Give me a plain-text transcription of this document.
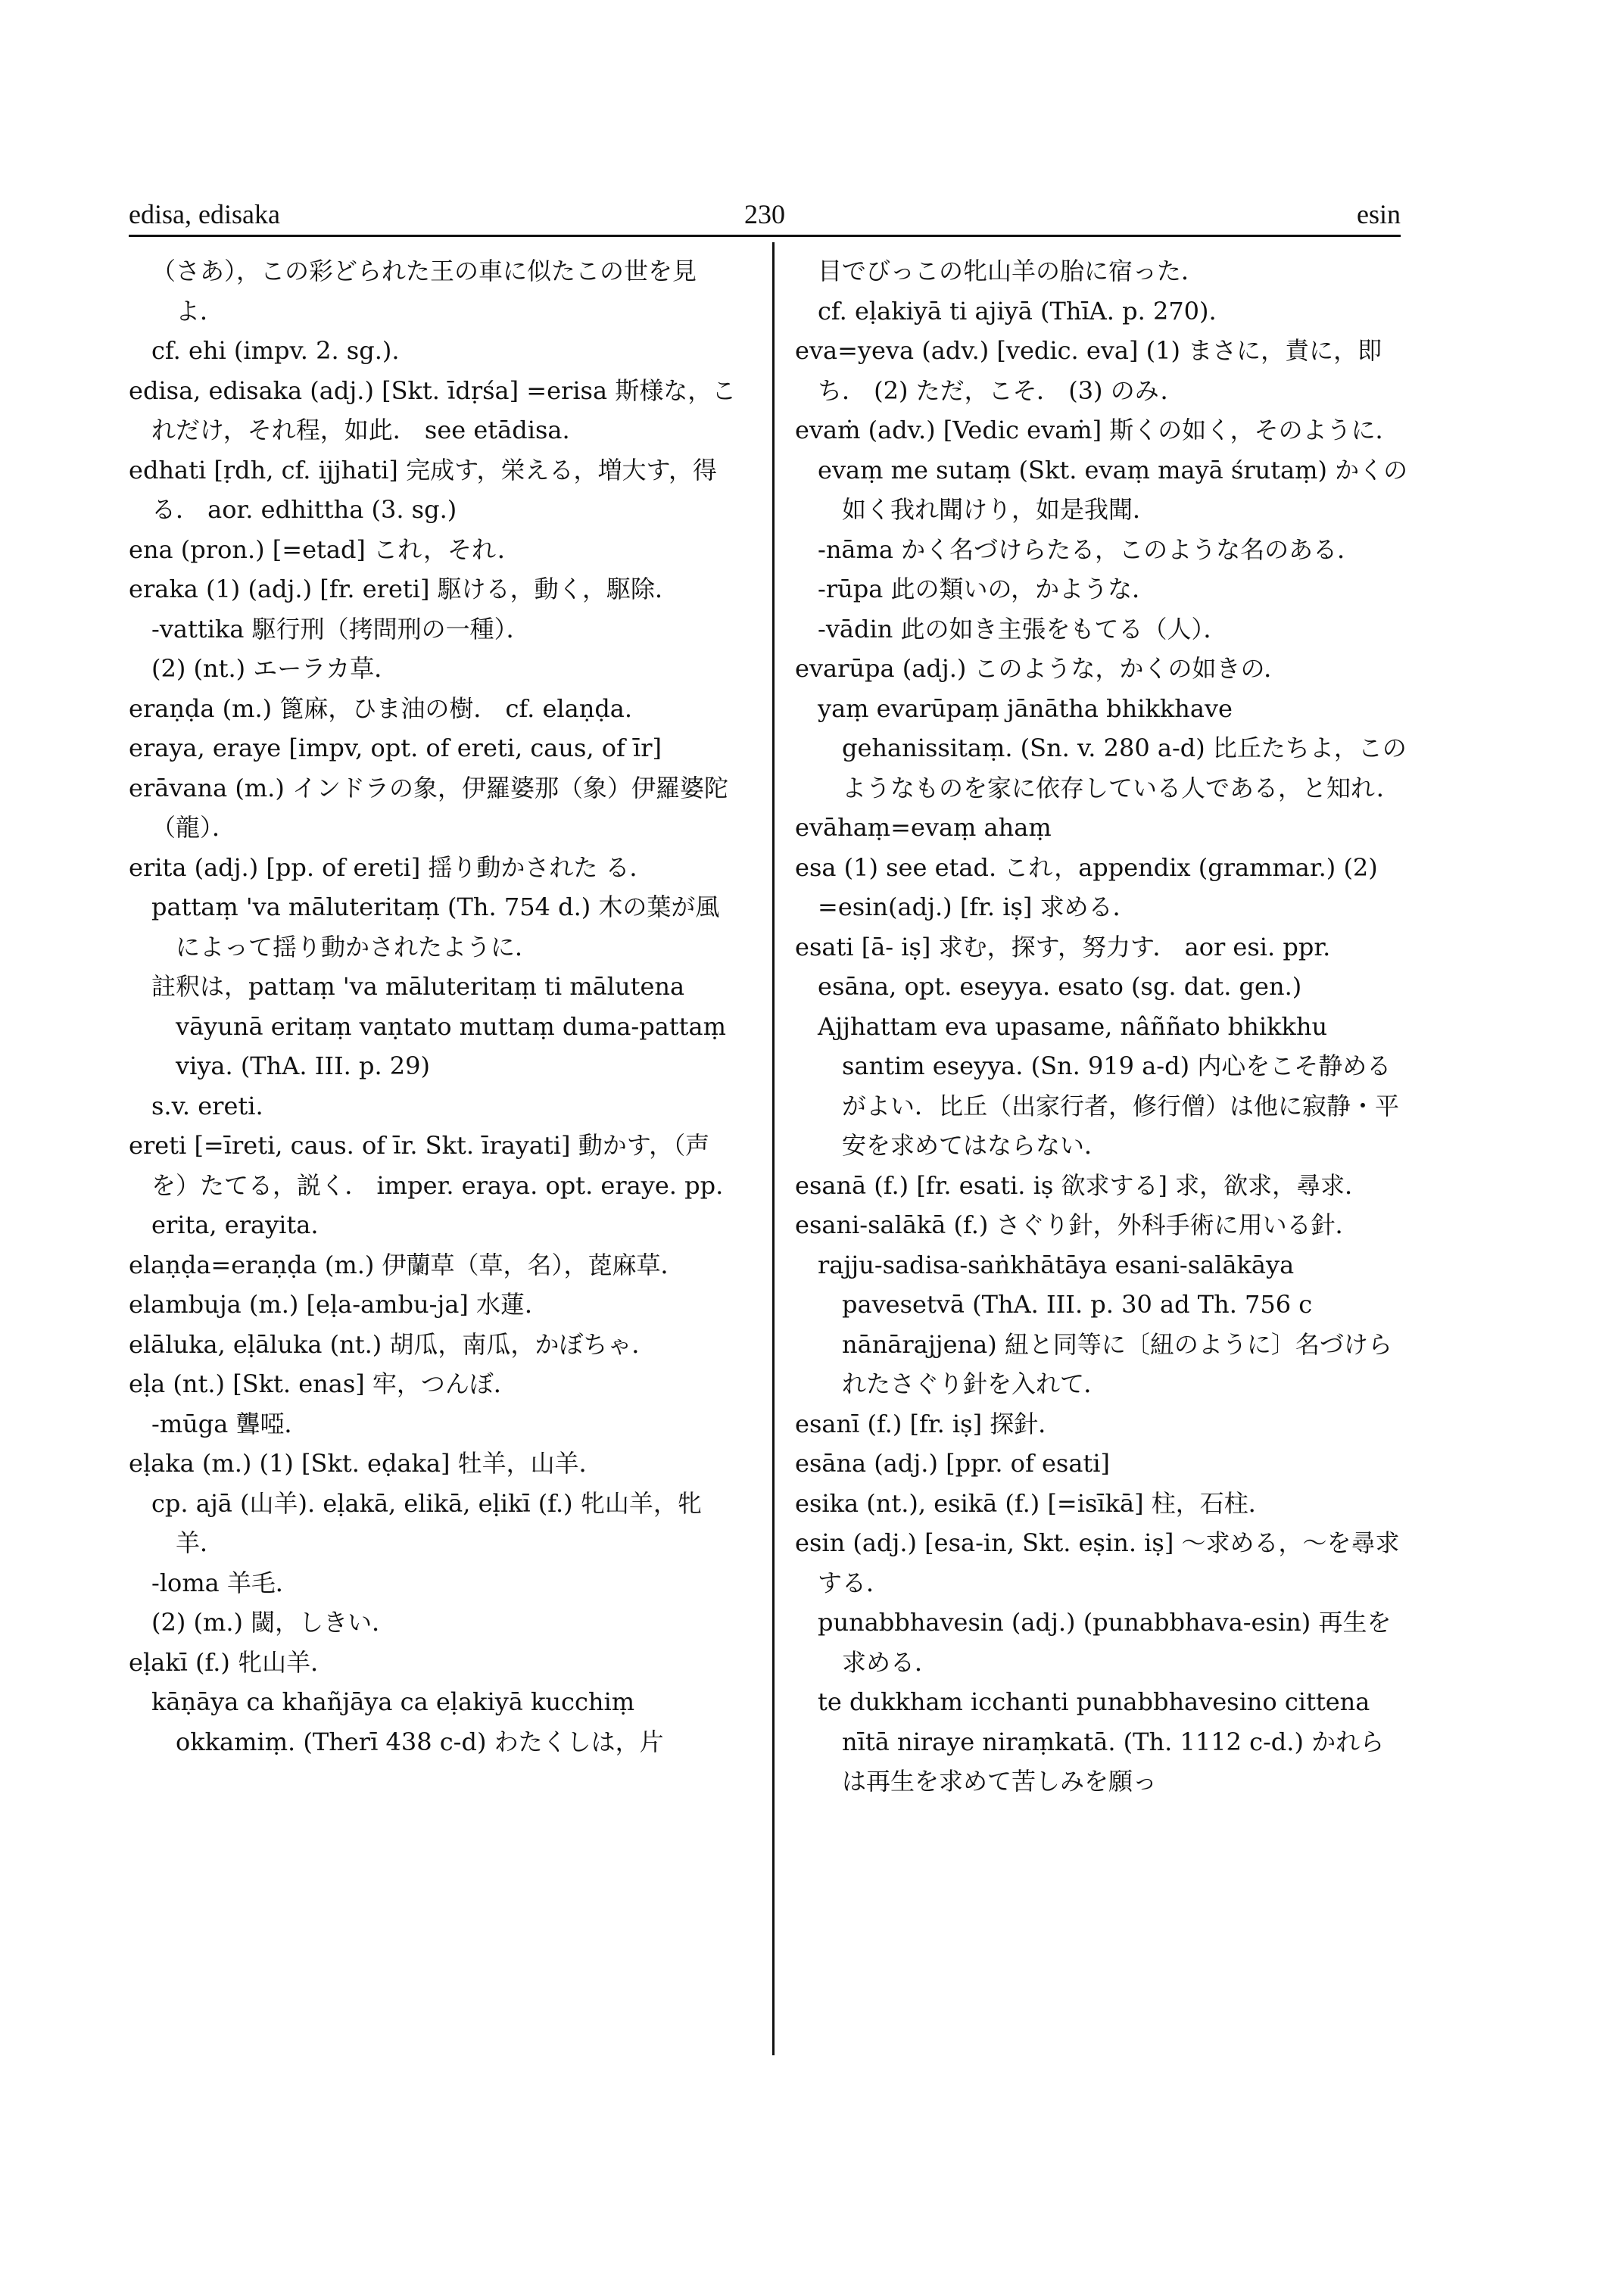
edisa, edisaka	230	esin

（さあ），この彩どられた王の車に似たこの世を見よ．

cf. ehi (impv. 2. sg.).

edisa, edisaka (adj.) [Skt. īdṛśa] =erisa 斯様な，これだけ，それ程，如此． see etādisa.

edhati [ṛdh, cf. ijjhati] 完成す，栄える，増大す，得る． aor. edhittha (3. sg.)

ena (pron.) [=etad] これ，それ．

eraka (1) (adj.) [fr. ereti] 駆ける，動く，駆除．

-vattika 駆行刑（拷問刑の一種）．

(2) (nt.) エーラカ草．

eraṇḍa (m.) 篦麻，ひま油の樹． cf. elaṇḍa.

eraya, eraye [impv, opt. of ereti, caus, of īr]

erāvana (m.) インドラの象，伊羅婆那（象）伊羅婆陀（龍）．

erita (adj.) [pp. of ereti] 揺り動かされた る．

pattaṃ 'va māluteritaṃ (Th. 754 d.) 木の葉が風によって揺り動かされたように．

註釈は，pattaṃ 'va māluteritaṃ ti mālutena vāyunā eritaṃ vaṇtato muttaṃ duma-pattaṃ viya. (ThA. III. p. 29)

s.v. ereti.

ereti [=īreti, caus. of īr. Skt. īrayati] 動かす，（声を）たてる，説く． imper. eraya. opt. eraye. pp. erita, erayita.

elaṇḍa=eraṇḍa (m.) 伊蘭草（草，名），萞麻草．

elambuja (m.) [eḷa-ambu-ja] 水蓮．

elāluka, eḷāluka (nt.) 胡瓜，南瓜，かぼちゃ．

eḷa (nt.) [Skt. enas] 牢，つんぼ．

-mūga 聾啞．

eḷaka (m.) (1) [Skt. eḍaka] 牡羊，山羊．

cp. ajā (山羊). eḷakā, elikā, eḷikī (f.) 牝山羊，牝羊．

-loma 羊毛．

(2) (m.) 閾，しきい．

eḷakī (f.) 牝山羊．

kāṇāya ca khañjāya ca eḷakiyā kucchiṃ okkamiṃ. (Therī 438 c-d) わたくしは，片

目でびっこの牝山羊の胎に宿った．

cf. eḷakiyā ti ajiyā (ThīA. p. 270).

eva=yeva (adv.) [vedic. eva] (1) まさに，責に，即ち． (2) ただ，こそ． (3) のみ．

evaṁ (adv.) [Vedic evaṁ] 斯くの如く，そのように．

evaṃ me sutaṃ (Skt. evaṃ mayā śrutaṃ) かくの如く我れ聞けり，如是我聞．

-nāma かく名づけらたる，このような名のある．

-rūpa 此の類いの，かような．

-vādin 此の如き主張をもてる（人）．

evarūpa (adj.) このような，かくの如きの．

yaṃ evarūpaṃ jānātha bhikkhave gehanissitaṃ. (Sn. v. 280 a-d) 比丘たちよ，このようなものを家に依存している人である，と知れ．

evāhaṃ=evaṃ ahaṃ

esa (1) see etad. これ，appendix (grammar.) (2) =esin(adj.) [fr. iṣ] 求める．

esati [ā- iṣ] 求む，探す，努力す． aor esi. ppr. esāna, opt. eseyya. esato (sg. dat. gen.)

Ajjhattam eva upasame, nâññato bhikkhu santim eseyya. (Sn. 919 a-d) 内心をこそ静めるがよい．比丘（出家行者，修行僧）は他に寂静・平安を求めてはならない．

esanā (f.) [fr. esati. iṣ 欲求する] 求，欲求，尋求．

esani-salākā (f.) さぐり針，外科手術に用いる針．

rajju-sadisa-saṅkhātāya esani-salākāya pavesetvā (ThA. III. p. 30 ad Th. 756 c nānārajjena) 紐と同等に〔紐のように〕名づけられたさぐり針を入れて．

esanī (f.) [fr. iṣ] 探針．

esāna (adj.) [ppr. of esati]

esika (nt.), esikā (f.) [=isīkā] 柱，石柱．

esin (adj.) [esa-in, Skt. eṣin. iṣ] 〜求める，〜を尋求する．

punabbhavesin (adj.) (punabbhava-esin) 再生を求める．

te dukkham icchanti punabbhavesino cittena nītā niraye niraṃkatā. (Th. 1112 c-d.) かれらは再生を求めて苦しみを願っ
